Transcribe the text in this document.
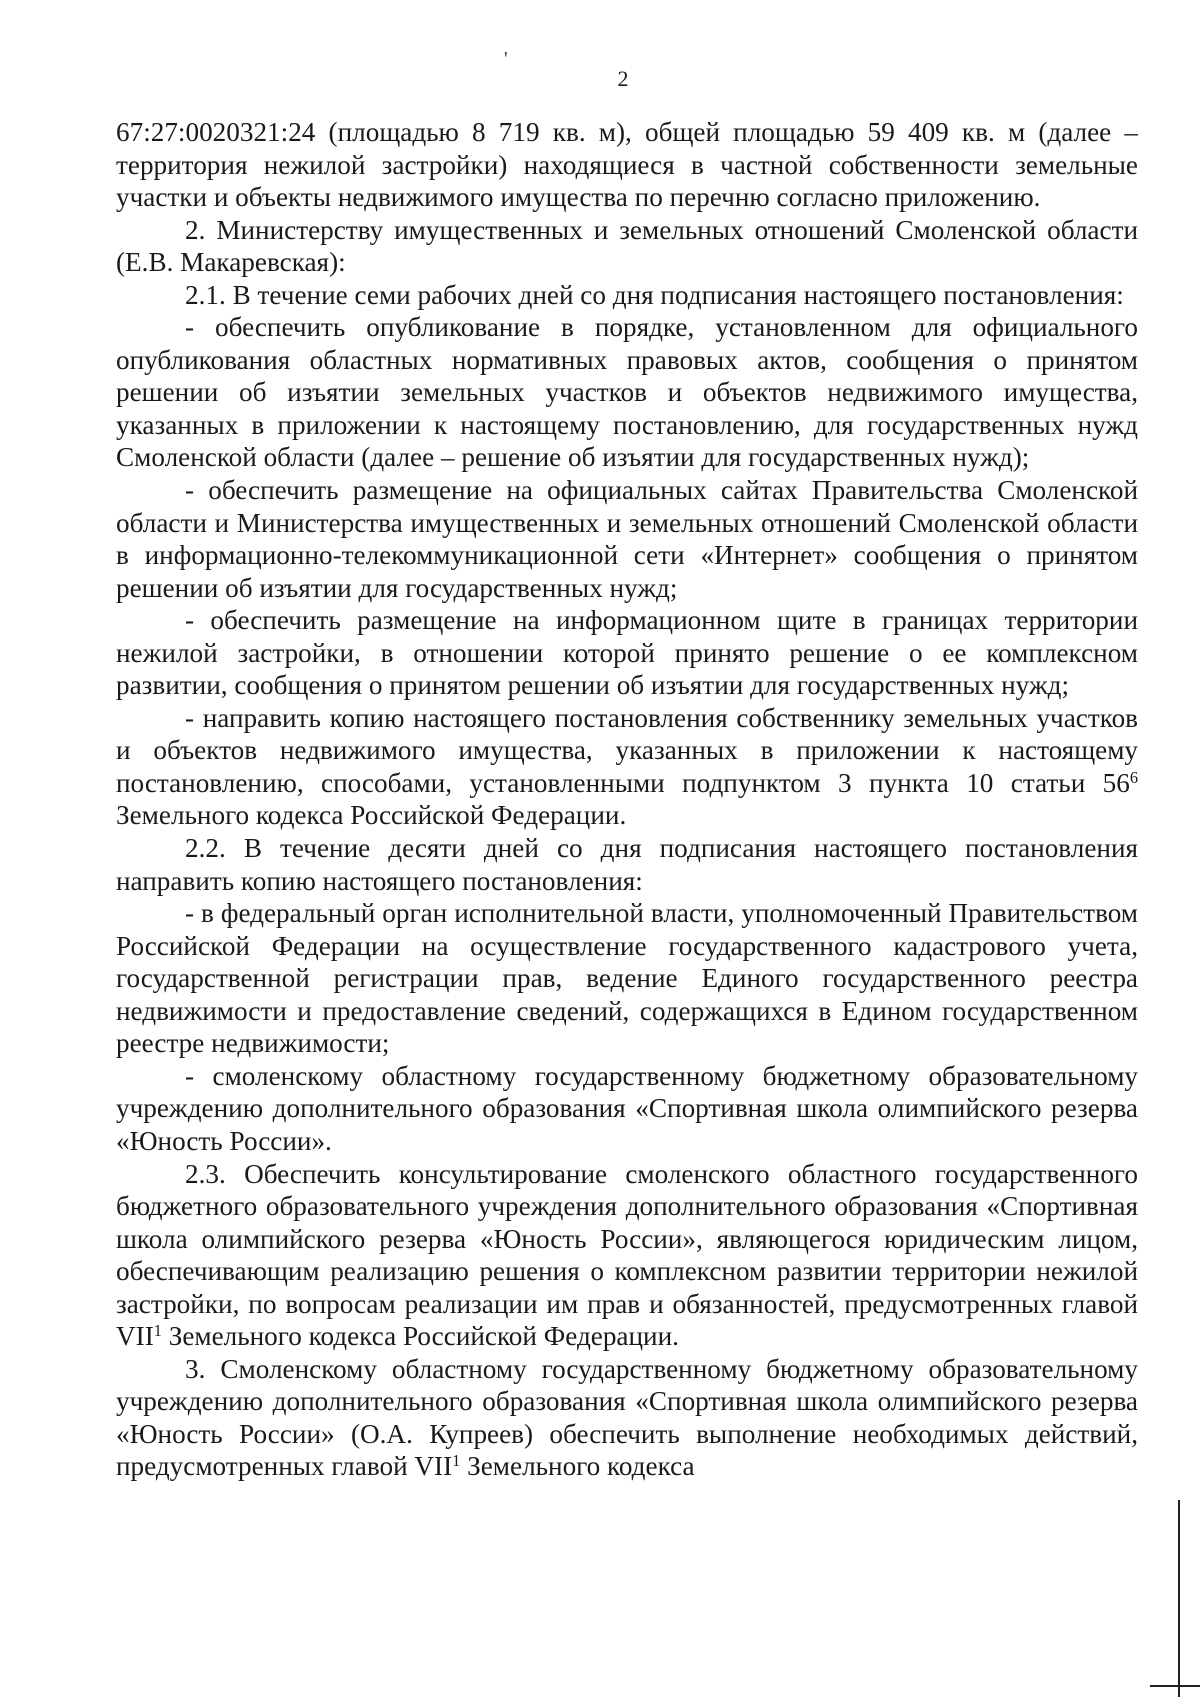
'
2

67:27:0020321:24 (площадью 8 719 кв. м), общей площадью 59 409 кв. м (далее – территория нежилой застройки) находящиеся в частной собственности земельные участки и объекты недвижимого имущества по перечню согласно приложению.

2. Министерству имущественных и земельных отношений Смоленской области (Е.В. Макаревская):

2.1. В течение семи рабочих дней со дня подписания настоящего постановления:

- обеспечить опубликование в порядке, установленном для официального опубликования областных нормативных правовых актов, сообщения о принятом решении об изъятии земельных участков и объектов недвижимого имущества, указанных в приложении к настоящему постановлению, для государственных нужд Смоленской области (далее – решение об изъятии для государственных нужд);

- обеспечить размещение на официальных сайтах Правительства Смоленской области и Министерства имущественных и земельных отношений Смоленской области в информационно-телекоммуникационной сети «Интернет» сообщения о принятом решении об изъятии для государственных нужд;

- обеспечить размещение на информационном щите в границах территории нежилой застройки, в отношении которой принято решение о ее комплексном развитии, сообщения о принятом решении об изъятии для государственных нужд;

- направить копию настоящего постановления собственнику земельных участков и объектов недвижимого имущества, указанных в приложении к настоящему постановлению, способами, установленными подпунктом 3 пункта 10 статьи $56^6$ Земельного кодекса Российской Федерации.

2.2. В течение десяти дней со дня подписания настоящего постановления направить копию настоящего постановления:

- в федеральный орган исполнительной власти, уполномоченный Правительством Российской Федерации на осуществление государственного кадастрового учета, государственной регистрации прав, ведение Единого государственного реестра недвижимости и предоставление сведений, содержащихся в Едином государственном реестре недвижимости;

- смоленскому областному государственному бюджетному образовательному учреждению дополнительного образования «Спортивная школа олимпийского резерва «Юность России».

2.3. Обеспечить консультирование смоленского областного государственного бюджетного образовательного учреждения дополнительного образования «Спортивная школа олимпийского резерва «Юность России», являющегося юридическим лицом, обеспечивающим реализацию решения о комплексном развитии территории нежилой застройки, по вопросам реализации им прав и обязанностей, предусмотренных главой VII$^1$ Земельного кодекса Российской Федерации.

3. Смоленскому областному государственному бюджетному образовательному учреждению дополнительного образования «Спортивная школа олимпийского резерва «Юность России» (О.А. Купреев) обеспечить выполнение необходимых действий, предусмотренных главой VII$^1$ Земельного кодекса
